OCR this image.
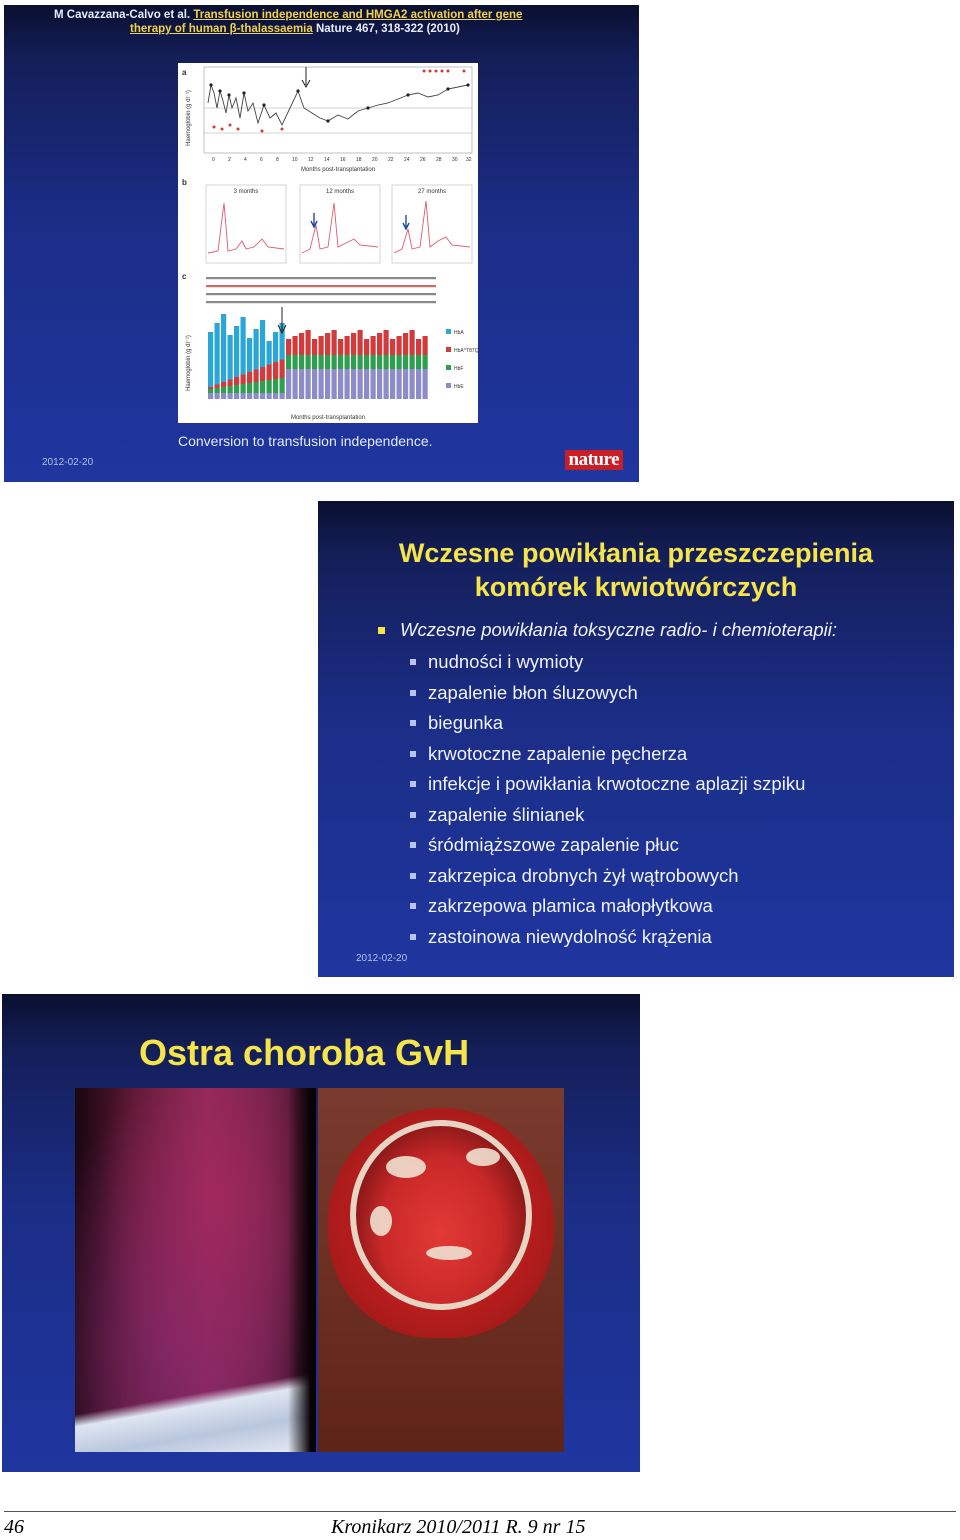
M Cavazzana-Calvo et al. Transfusion independence and HMGA2 activation after gene
therapy of human β-thalassaemia Nature 467, 318-322 (2010)
a
Haemoglobin (g dl⁻¹)
0	2	4	6	8	10 12 14 16 18 20 22 24 26 28 30 32
Months post-transplantation
b
3 months	12 months	27 months
c
Haemoglobin (g dl⁻¹)
HbA
HbA^T87Q
HbF
HbE
Months post-transplantation
Conversion to transfusion independence.
2012-02-20	nature
Wczesne powikłania przeszczepienia
komórek krwiotwórczych
Wczesne powikłania toksyczne radio- i chemioterapii:
nudności i wymioty
zapalenie błon śluzowych
biegunka
krwotoczne zapalenie pęcherza
infekcje i powikłania krwotoczne aplazji szpiku
zapalenie ślinianek
śródmiąższowe zapalenie płuc
zakrzepica drobnych żył wątrobowych
zakrzepowa plamica małopłytkowa
zastoinowa niewydolność krążenia
2012-02-20
Ostra choroba GvH
46	Kronikarz 2010/2011 R. 9 nr 15
